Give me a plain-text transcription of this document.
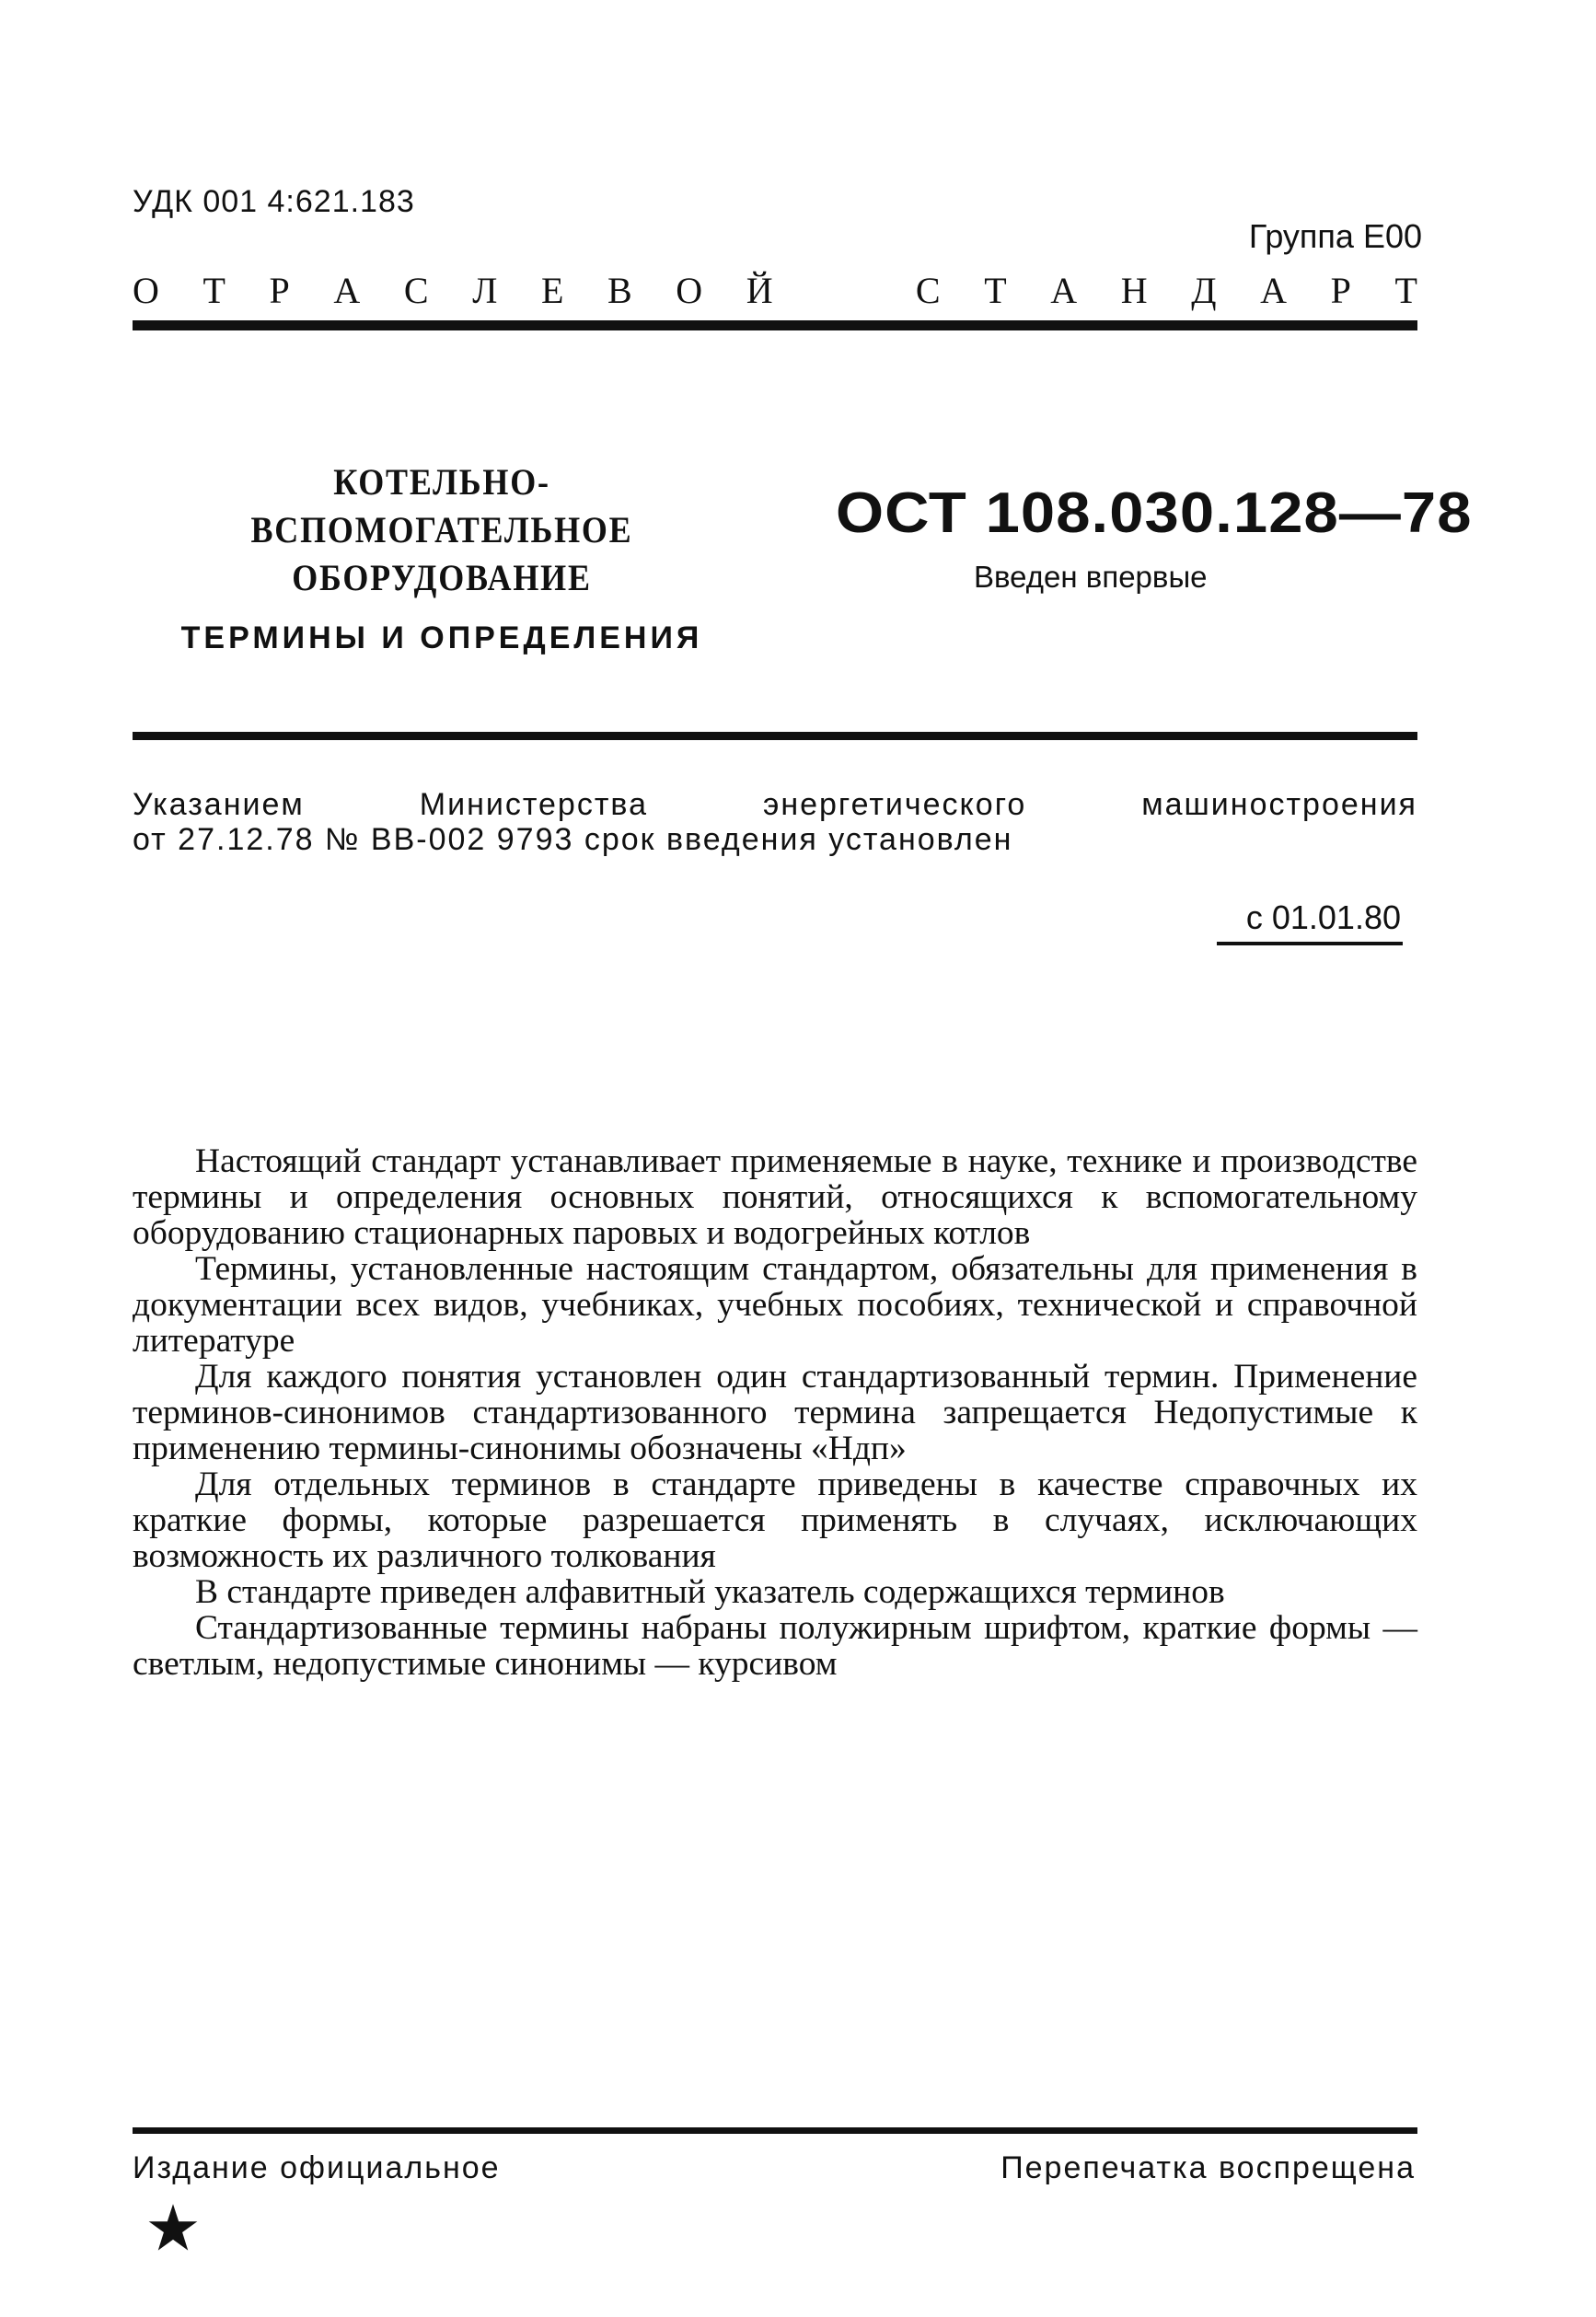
УДК 001 4:621.183
Группа Е00
О Т Р А С Л Е В О Й	С Т А Н Д А Р Т
КОТЕЛЬНО-ВСПОМОГАТЕЛЬНОЕ
ОБОРУДОВАНИЕ
ТЕРМИНЫ И ОПРЕДЕЛЕНИЯ
ОСТ 108.030.128—78
Введен впервые
Указанием	Министерства	энергетического	машиностроения
от 27.12.78 № ВВ-002 9793 срок введения установлен
с 01.01.80
Настоящий стандарт устанавливает применяемые в науке, технике и производстве термины и определения основных понятий, относящихся к вспомогательному оборудованию стационарных паровых и водогрейных котлов
Термины, установленные настоящим стандартом, обязательны для применения в документации всех видов, учебниках, учебных пособиях, технической и справочной литературе
Для каждого понятия установлен один стандартизованный термин. Применение терминов-синонимов стандартизованного термина запрещается Недопустимые к применению термины-синонимы обозначены «Ндп»
Для отдельных терминов в стандарте приведены в качестве справочных их краткие формы, которые разрешается применять в случаях, исключающих возможность их различного толкования
В стандарте приведен алфавитный указатель содержащихся терминов
Стандартизованные термины набраны полужирным шрифтом, краткие формы — светлым, недопустимые синонимы — курсивом
Издание официальное	Перепечатка воспрещена
